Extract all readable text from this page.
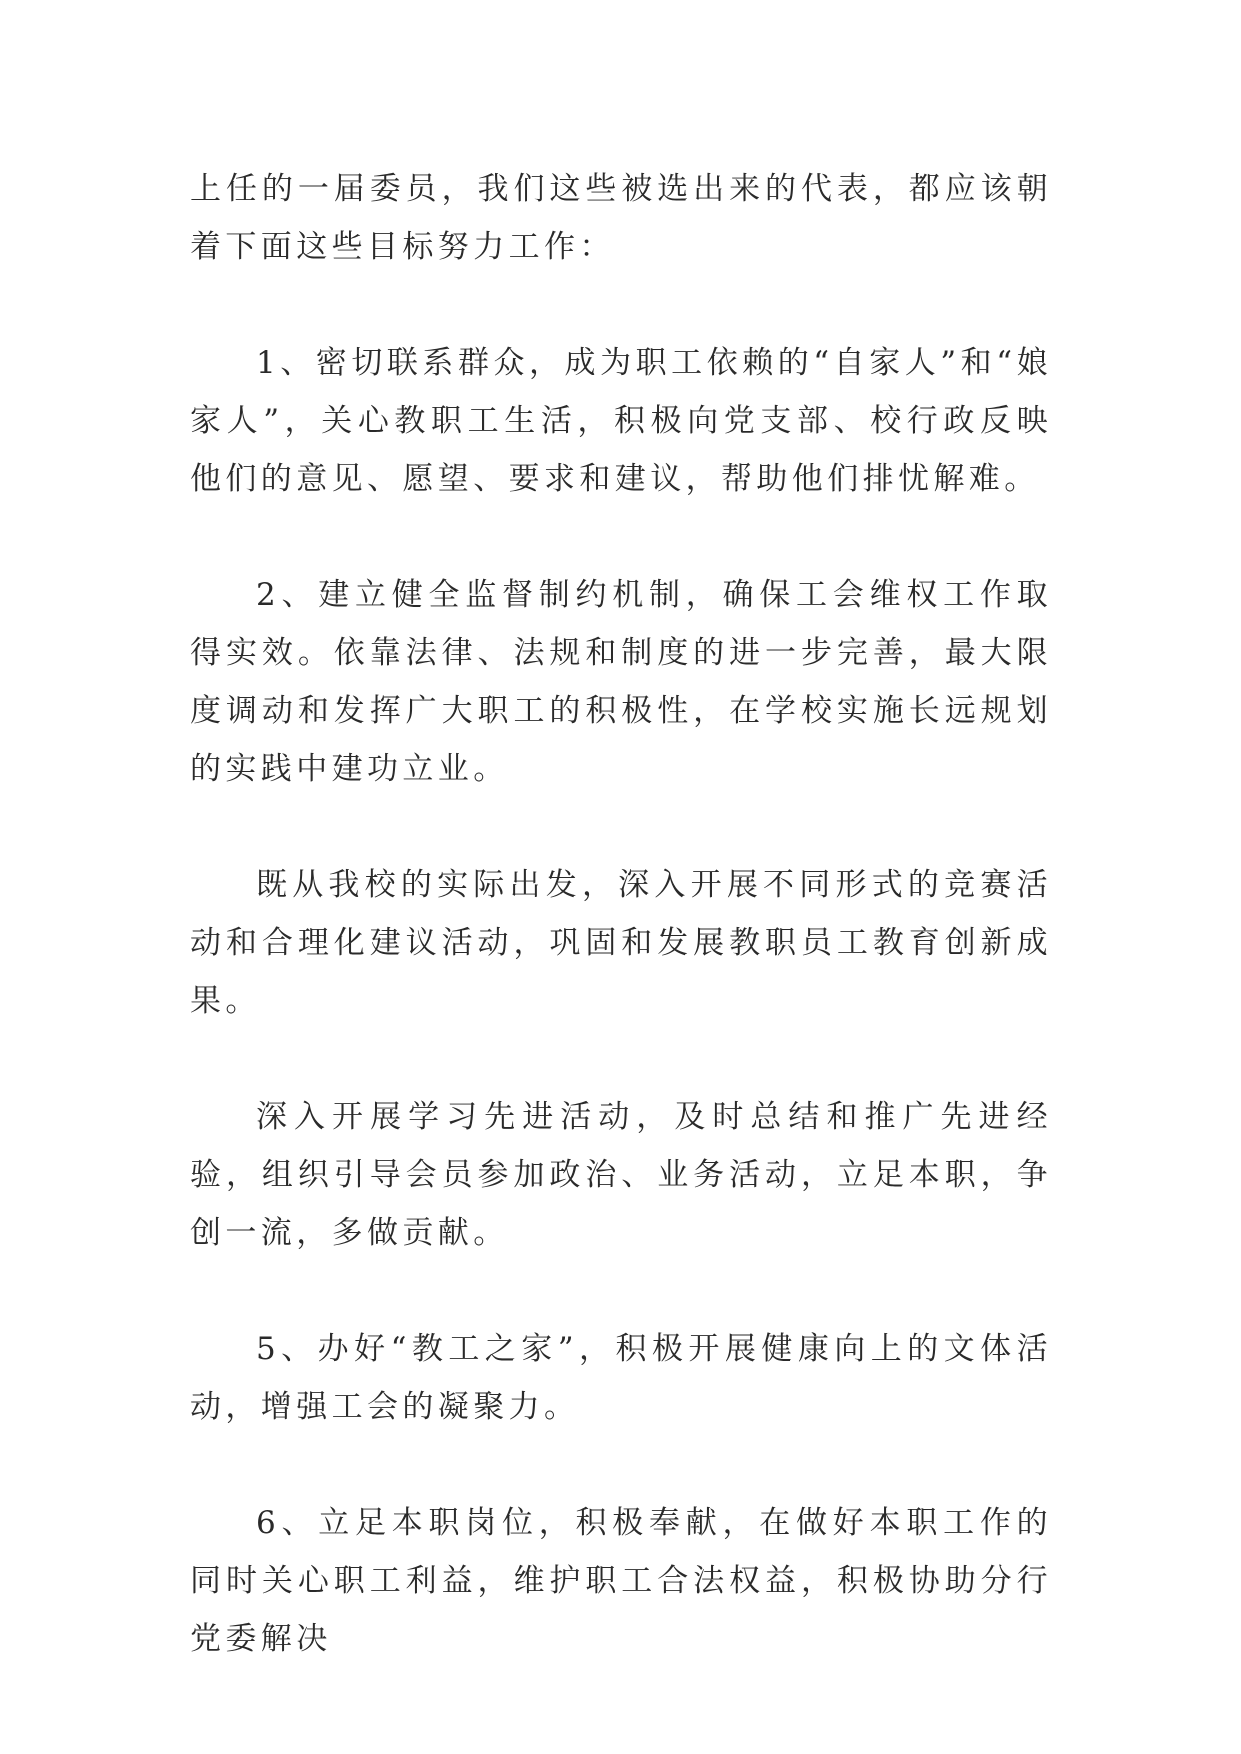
上任的一届委员，我们这些被选出来的代表，都应该朝着下面这些目标努力工作：

1、密切联系群众，成为职工依赖的“自家人”和“娘家人”，关心教职工生活，积极向党支部、校行政反映他们的意见、愿望、要求和建议，帮助他们排忧解难。

2、建立健全监督制约机制，确保工会维权工作取得实效。依靠法律、法规和制度的进一步完善，最大限度调动和发挥广大职工的积极性，在学校实施长远规划的实践中建功立业。

既从我校的实际出发，深入开展不同形式的竞赛活动和合理化建议活动，巩固和发展教职员工教育创新成果。

深入开展学习先进活动，及时总结和推广先进经验，组织引导会员参加政治、业务活动，立足本职，争创一流，多做贡献。

5、办好“教工之家”，积极开展健康向上的文体活动，增强工会的凝聚力。

6、立足本职岗位，积极奉献，在做好本职工作的同时关心职工利益，维护职工合法权益，积极协助分行党委解决
